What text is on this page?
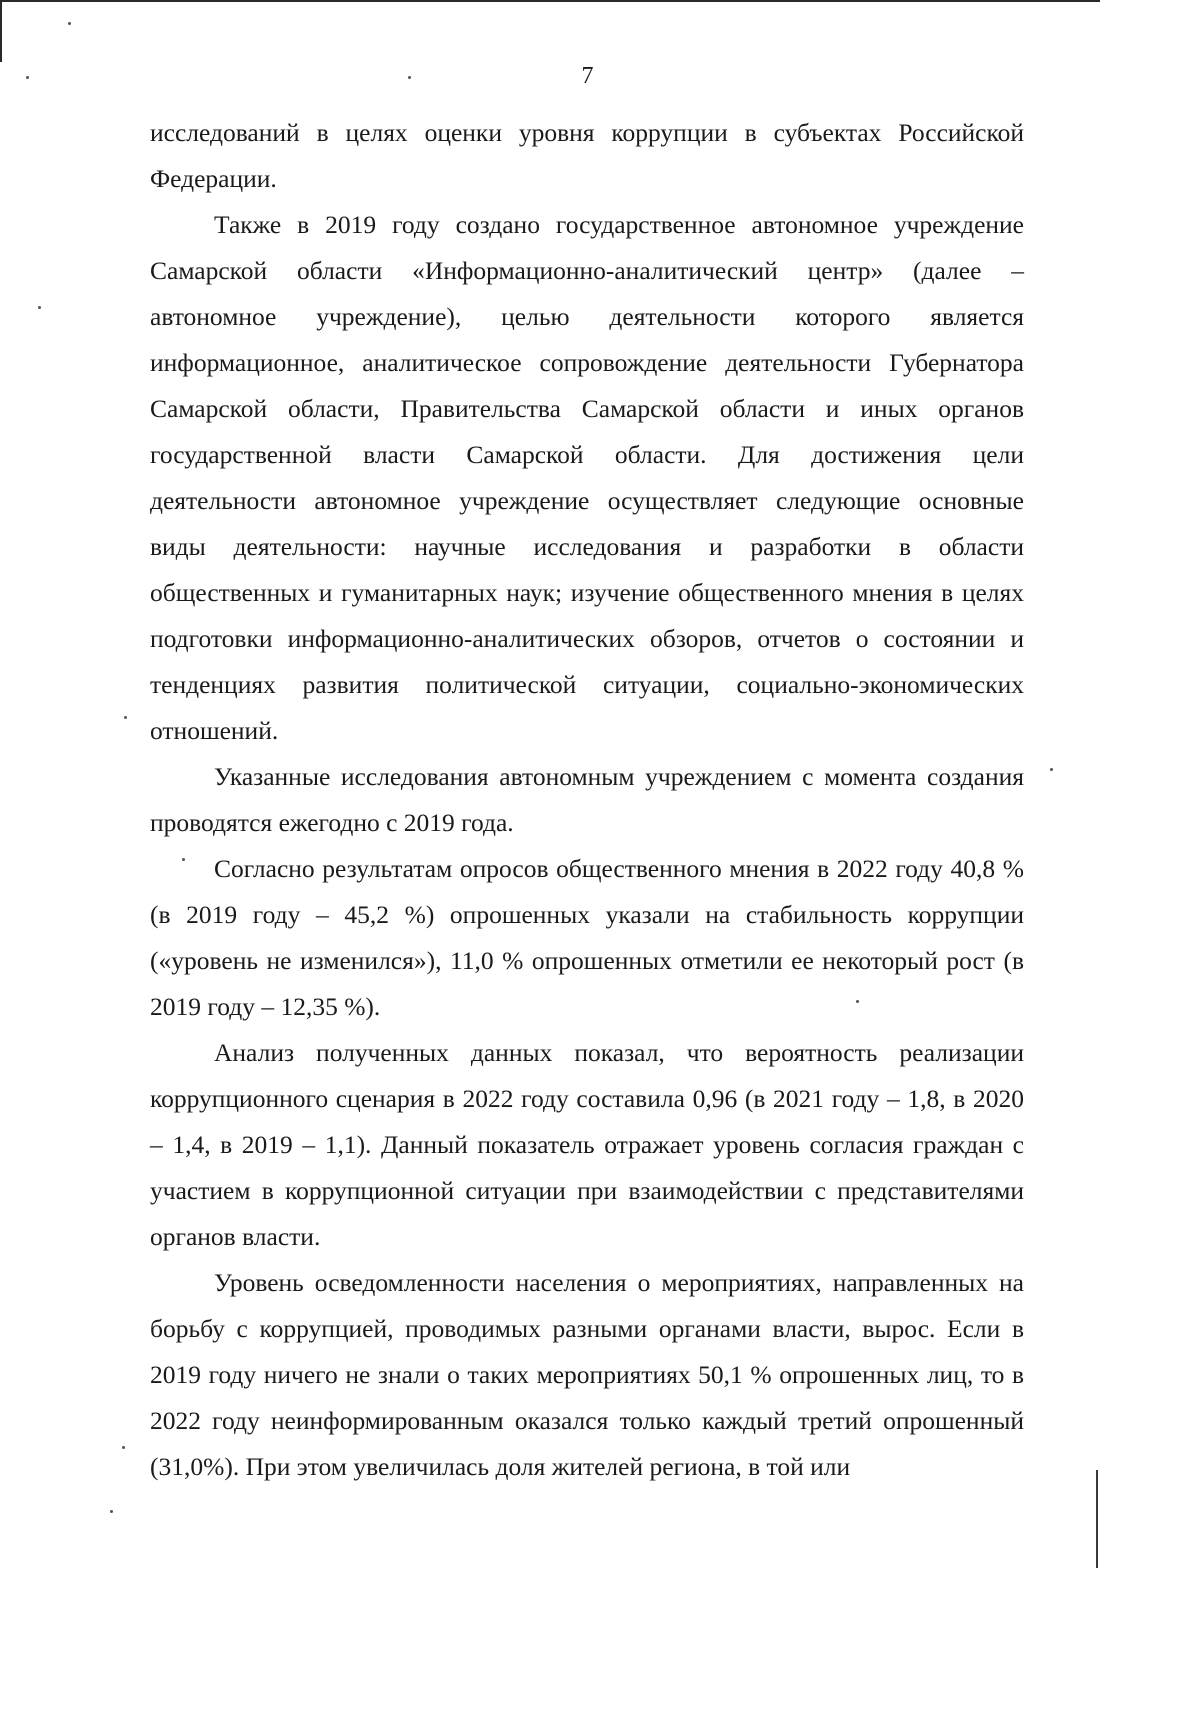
7

исследований в целях оценки уровня коррупции в субъектах Российской Федерации.

Также в 2019 году создано государственное автономное учреждение Самарской области «Информационно-аналитический центр» (далее – автономное учреждение), целью деятельности которого является информационное, аналитическое сопровождение деятельности Губернатора Самарской области, Правительства Самарской области и иных органов государственной власти Самарской области. Для достижения цели деятельности автономное учреждение осуществляет следующие основные виды деятельности: научные исследования и разработки в области общественных и гуманитарных наук; изучение общественного мнения в целях подготовки информационно-аналитических обзоров, отчетов о состоянии и тенденциях развития политической ситуации, социально-экономических отношений.

Указанные исследования автономным учреждением с момента создания проводятся ежегодно с 2019 года.

Согласно результатам опросов общественного мнения в 2022 году 40,8 % (в 2019 году – 45,2 %) опрошенных указали на стабильность коррупции («уровень не изменился»), 11,0 % опрошенных отметили ее некоторый рост (в 2019 году – 12,35 %).

Анализ полученных данных показал, что вероятность реализации коррупционного сценария в 2022 году составила 0,96 (в 2021 году – 1,8, в 2020 – 1,4, в 2019 – 1,1). Данный показатель отражает уровень согласия граждан с участием в коррупционной ситуации при взаимодействии с представителями органов власти.

Уровень осведомленности населения о мероприятиях, направленных на борьбу с коррупцией, проводимых разными органами власти, вырос. Если в 2019 году ничего не знали о таких мероприятиях 50,1 % опрошенных лиц, то в 2022 году неинформированным оказался только каждый третий опрошенный (31,0%). При этом увеличилась доля жителей региона, в той или
